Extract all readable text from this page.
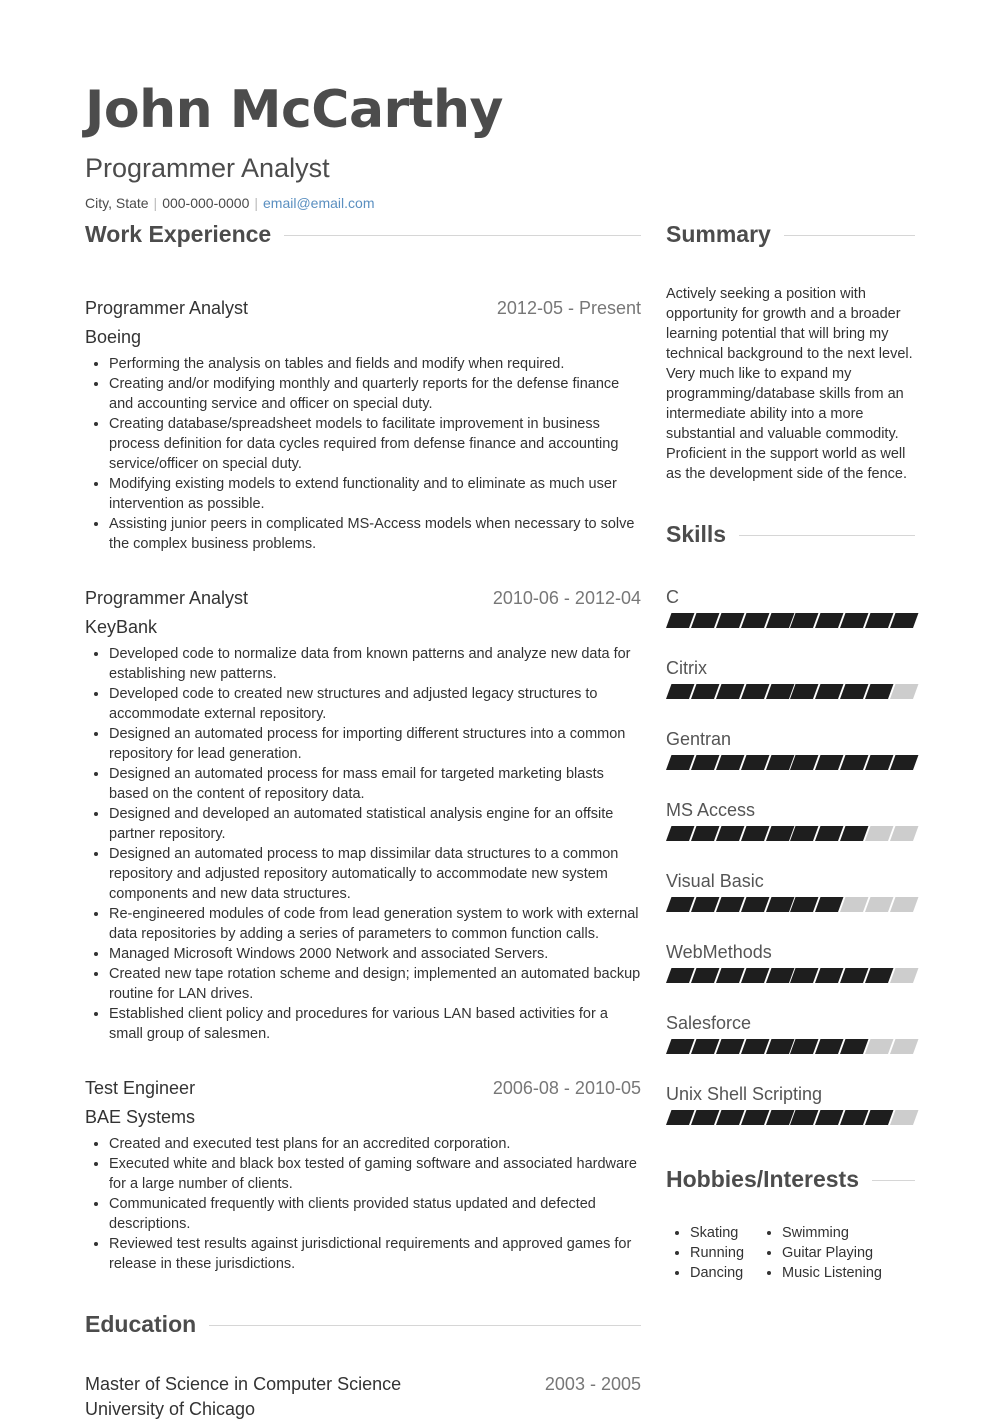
John McCarthy
Programmer Analyst
City, State | 000-000-0000 | email@email.com
Work Experience
Programmer Analyst	2012-05 - Present
Boeing
• Performing the analysis on tables and fields and modify when required.
• Creating and/or modifying monthly and quarterly reports for the defense finance and accounting service and officer on special duty.
• Creating database/spreadsheet models to facilitate improvement in business process definition for data cycles required from defense finance and accounting service/officer on special duty.
• Modifying existing models to extend functionality and to eliminate as much user intervention as possible.
• Assisting junior peers in complicated MS-Access models when necessary to solve the complex business problems.
Programmer Analyst	2010-06 - 2012-04
KeyBank
• Developed code to normalize data from known patterns and analyze new data for establishing new patterns.
• Developed code to created new structures and adjusted legacy structures to accommodate external repository.
• Designed an automated process for importing different structures into a common repository for lead generation.
• Designed an automated process for mass email for targeted marketing blasts based on the content of repository data.
• Designed and developed an automated statistical analysis engine for an offsite partner repository.
• Designed an automated process to map dissimilar data structures to a common repository and adjusted repository automatically to accommodate new system components and new data structures.
• Re-engineered modules of code from lead generation system to work with external data repositories by adding a series of parameters to common function calls.
• Managed Microsoft Windows 2000 Network and associated Servers.
• Created new tape rotation scheme and design; implemented an automated backup routine for LAN drives.
• Established client policy and procedures for various LAN based activities for a small group of salesmen.
Test Engineer	2006-08 - 2010-05
BAE Systems
• Created and executed test plans for an accredited corporation.
• Executed white and black box tested of gaming software and associated hardware for a large number of clients.
• Communicated frequently with clients provided status updated and defected descriptions.
• Reviewed test results against jurisdictional requirements and approved games for release in these jurisdictions.
Education
Master of Science in Computer Science	2003 - 2005
University of Chicago
Summary
Actively seeking a position with opportunity for growth and a broader learning potential that will bring my technical background to the next level. Very much like to expand my programming/database skills from an intermediate ability into a more substantial and valuable commodity. Proficient in the support world as well as the development side of the fence.
Skills
C
Citrix
Gentran
MS Access
Visual Basic
WebMethods
Salesforce
Unix Shell Scripting
Hobbies/Interests
• Skating
• Running
• Dancing
• Swimming
• Guitar Playing
• Music Listening
